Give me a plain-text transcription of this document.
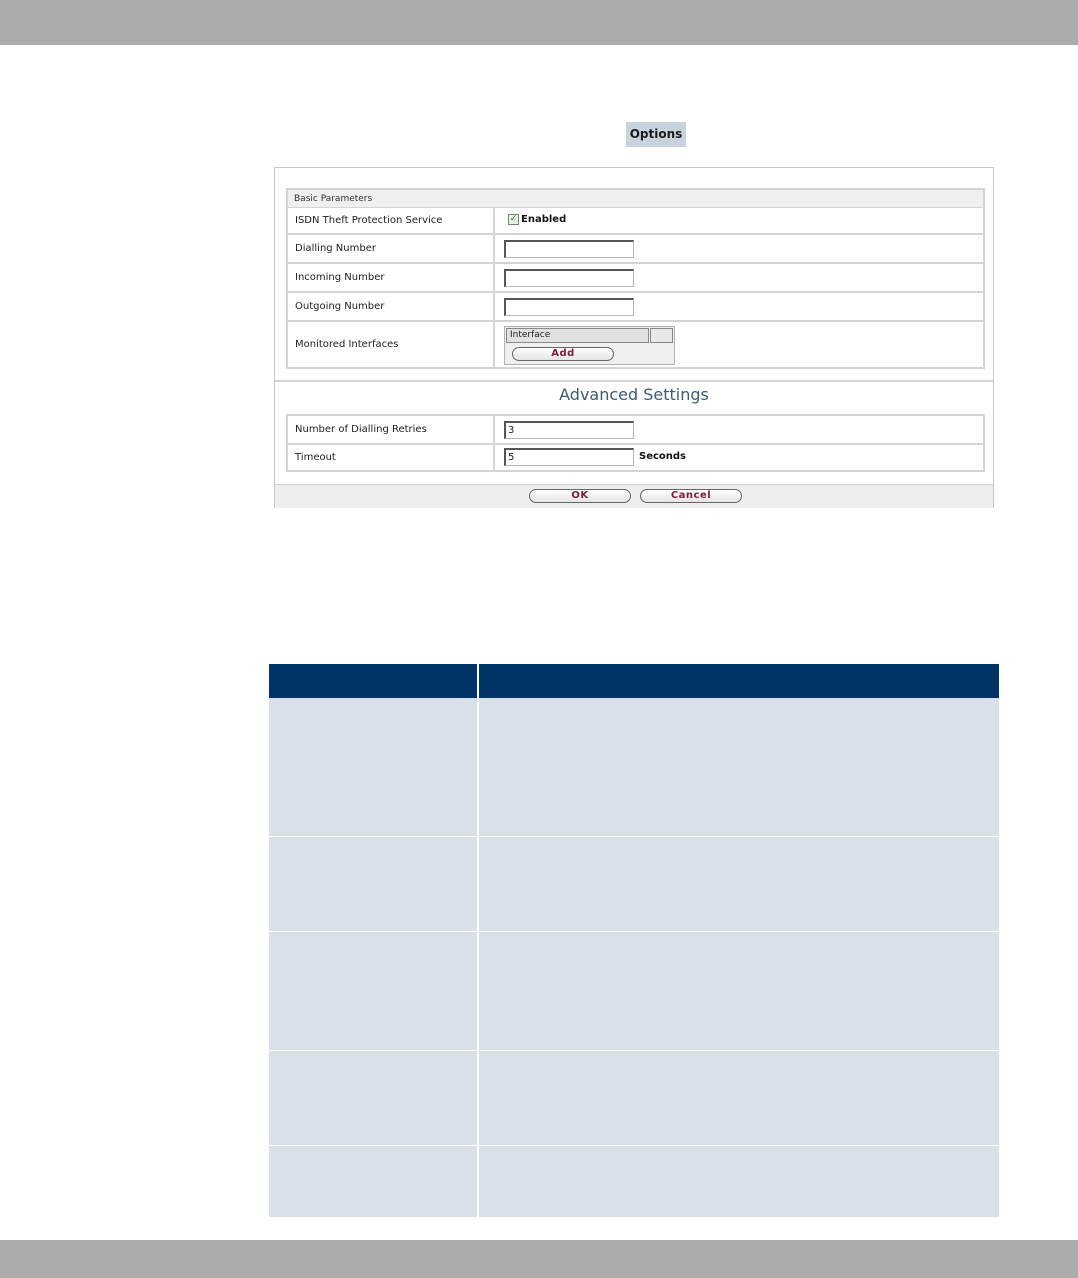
Options
Basic Parameters
ISDN Theft Protection Service	✓ Enabled
Dialling Number
Incoming Number
Outgoing Number
Monitored Interfaces
Interface
Add
Advanced Settings
Number of Dialling Retries	3
Timeout	5	Seconds
OK	Cancel
